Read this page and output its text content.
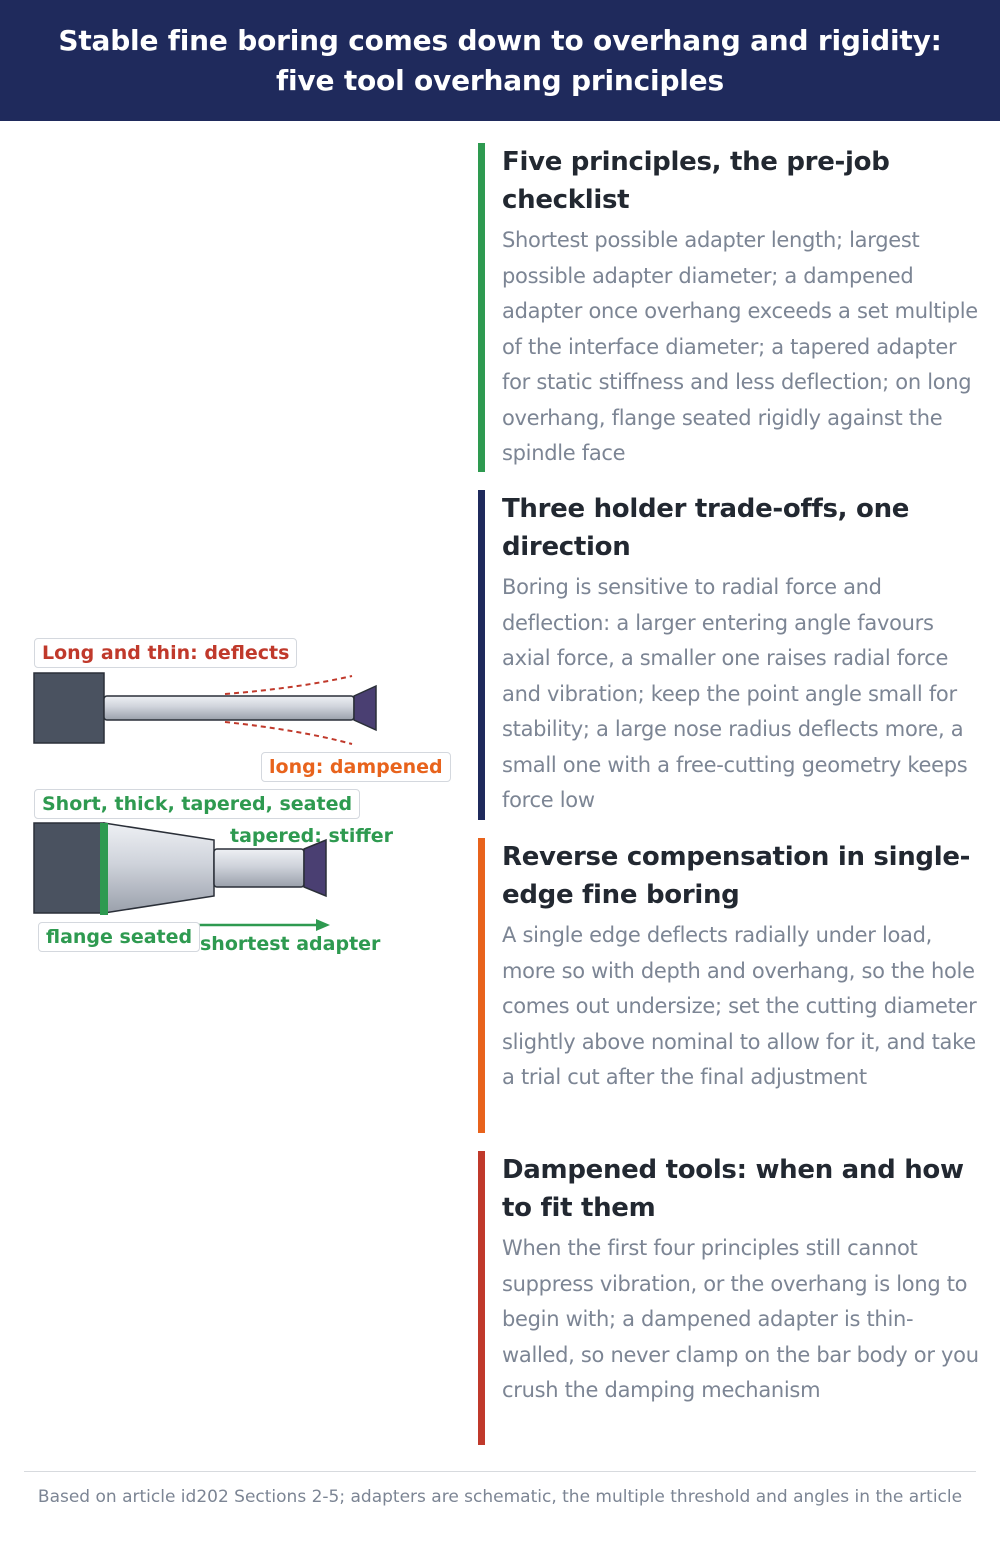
Stable fine boring comes down to overhang and rigidity:
five tool overhang principles
Long and thin: deflects
long: dampened
Short, thick, tapered, seated
tapered: stiffer
flange seated shortest adapter
Five principles, the pre-job checklist

Shortest possible adapter length; largest possible adapter diameter; a dampened adapter once overhang exceeds a set multiple of the interface diameter; a tapered adapter for static stiffness and less deflection; on long overhang, flange seated rigidly against the spindle face

Three holder trade-offs, one direction

Boring is sensitive to radial force and deflection: a larger entering angle favours axial force, a smaller one raises radial force and vibration; keep the point angle small for stability; a large nose radius deflects more, a small one with a free-cutting geometry keeps force low

Reverse compensation in single-edge fine boring

A single edge deflects radially under load, more so with depth and overhang, so the hole comes out undersize; set the cutting diameter slightly above nominal to allow for it, and take a trial cut after the final adjustment

Dampened tools: when and how to fit them

When the first four principles still cannot suppress vibration, or the overhang is long to begin with; a dampened adapter is thin-walled, so never clamp on the bar body or you crush the damping mechanism

Based on article id202 Sections 2-5; adapters are schematic, the multiple threshold and angles in the article
